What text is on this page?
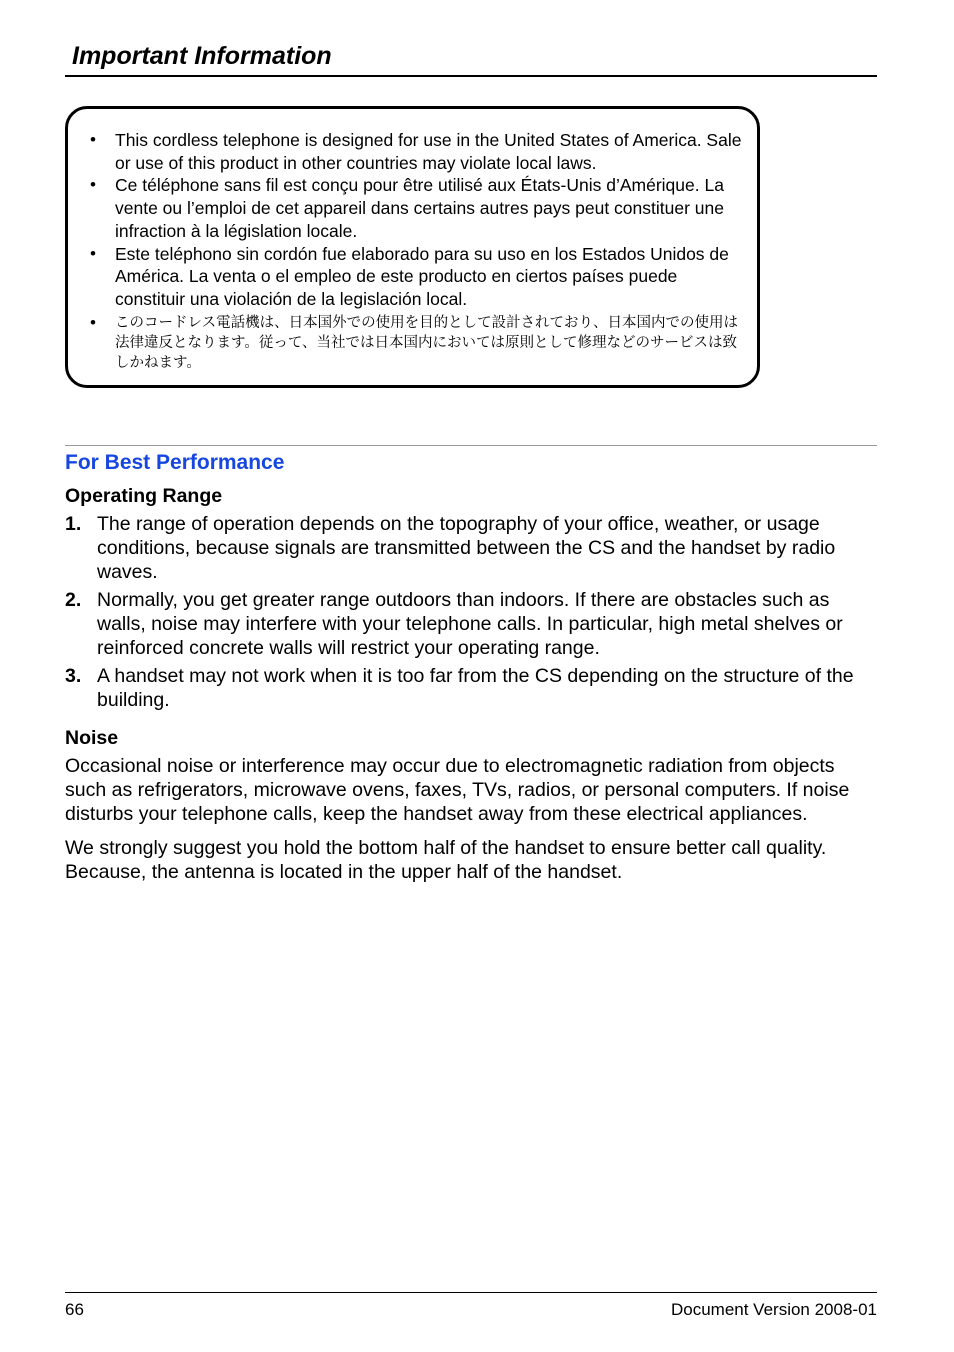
Important Information
• This cordless telephone is designed for use in the United States of America. Sale or use of this product in other countries may violate local laws.
• Ce téléphone sans fil est conçu pour être utilisé aux États-Unis d’Amérique. La vente ou l’emploi de cet appareil dans certains autres pays peut constituer une infraction à la législation locale.
• Este teléphono sin cordón fue elaborado para su uso en los Estados Unidos de América. La venta o el empleo de este producto en ciertos países puede constituir una violación de la legislación local.
• このコードレス電話機は、日本国外での使用を目的として設計されており、日本国内での使用は法律違反となります。従って、当社では日本国内においては原則として修理などのサービスは致しかねます。
For Best Performance
Operating Range
1. The range of operation depends on the topography of your office, weather, or usage conditions, because signals are transmitted between the CS and the handset by radio waves.
2. Normally, you get greater range outdoors than indoors. If there are obstacles such as walls, noise may interfere with your telephone calls. In particular, high metal shelves or reinforced concrete walls will restrict your operating range.
3. A handset may not work when it is too far from the CS depending on the structure of the building.
Noise

Occasional noise or interference may occur due to electromagnetic radiation from objects such as refrigerators, microwave ovens, faxes, TVs, radios, or personal computers. If noise disturbs your telephone calls, keep the handset away from these electrical appliances.

We strongly suggest you hold the bottom half of the handset to ensure better call quality. Because, the antenna is located in the upper half of the handset.

66	Document Version 2008-01
